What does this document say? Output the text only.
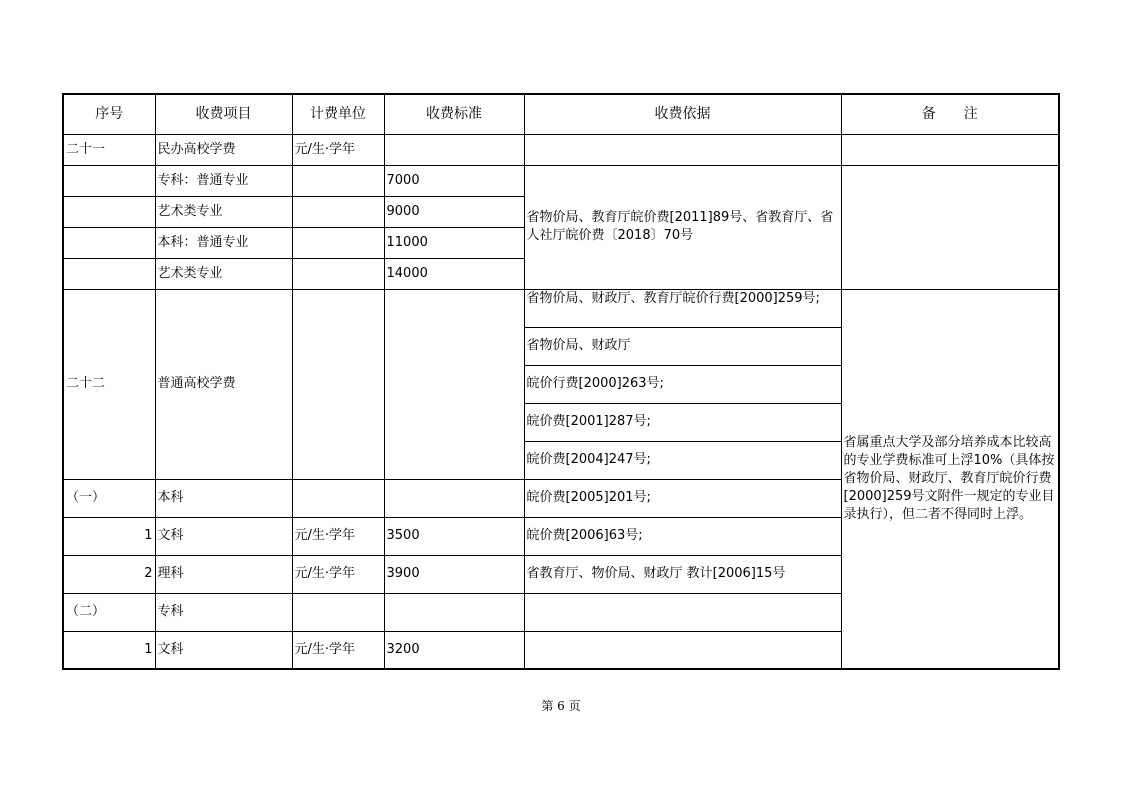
序号	收费项目	计费单位	收费标准	收费依据	备　　注
二十一	民办高校学费	元/生·学年			
	专科：普通专业		7000	省物价局、教育厅皖价费[2011]89号、省教育厅、省人社厅皖价费〔2018〕70号	
	艺术类专业		9000		
	本科：普通专业		11000		
	艺术类专业		14000		
二十二	普通高校学费			省物价局、财政厅、教育厅皖价行费[2000]259号;	省属重点大学及部分培养成本比较高的专业学费标准可上浮10%（具体按省物价局、财政厅、教育厅皖价行费[2000]259号文附件一规定的专业目录执行），但二者不得同时上浮。
				省物价局、财政厅	
				皖价行费[2000]263号;	
				皖价费[2001]287号;	
				皖价费[2004]247号;	
（一）	本科			皖价费[2005]201号;	
1	文科	元/生·学年	3500	皖价费[2006]63号;	
2	理科	元/生·学年	3900	省教育厅、物价局、财政厅 教计[2006]15号	
（二）	专科				
1	文科	元/生·学年	3200		
第 6 页
